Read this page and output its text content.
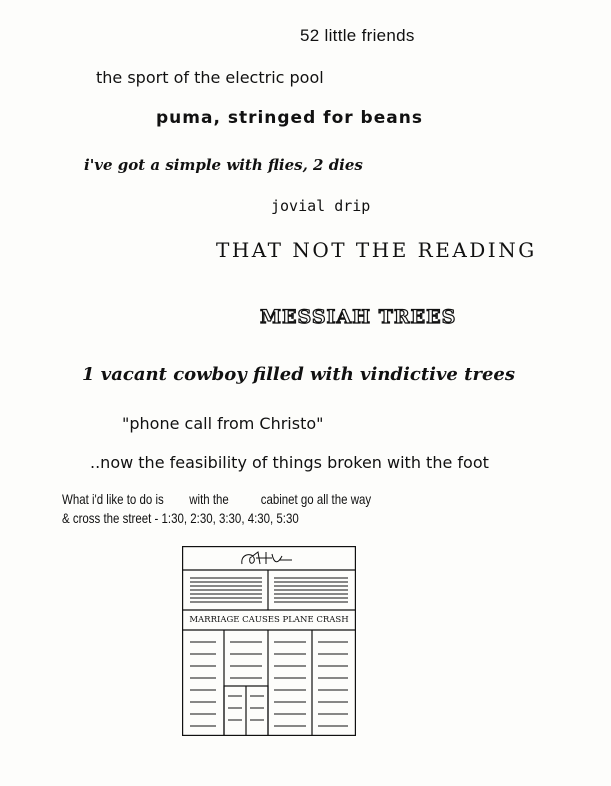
52 little friends
the sport of the electric pool
puma, stringed for beans
i've got a simple with flies, 2 dies
jovial drip
THAT NOT THE READING
MESSIAH TREES
1 vacant cowboy filled with vindictive trees
"phone call from Christo"
..now the feasibility of things broken with the foot
What i'd like to do is        with the          cabinet go all the way
& cross the street - 1:30, 2:30, 3:30, 4:30, 5:30
MARRIAGE CAUSES PLANE CRASH
